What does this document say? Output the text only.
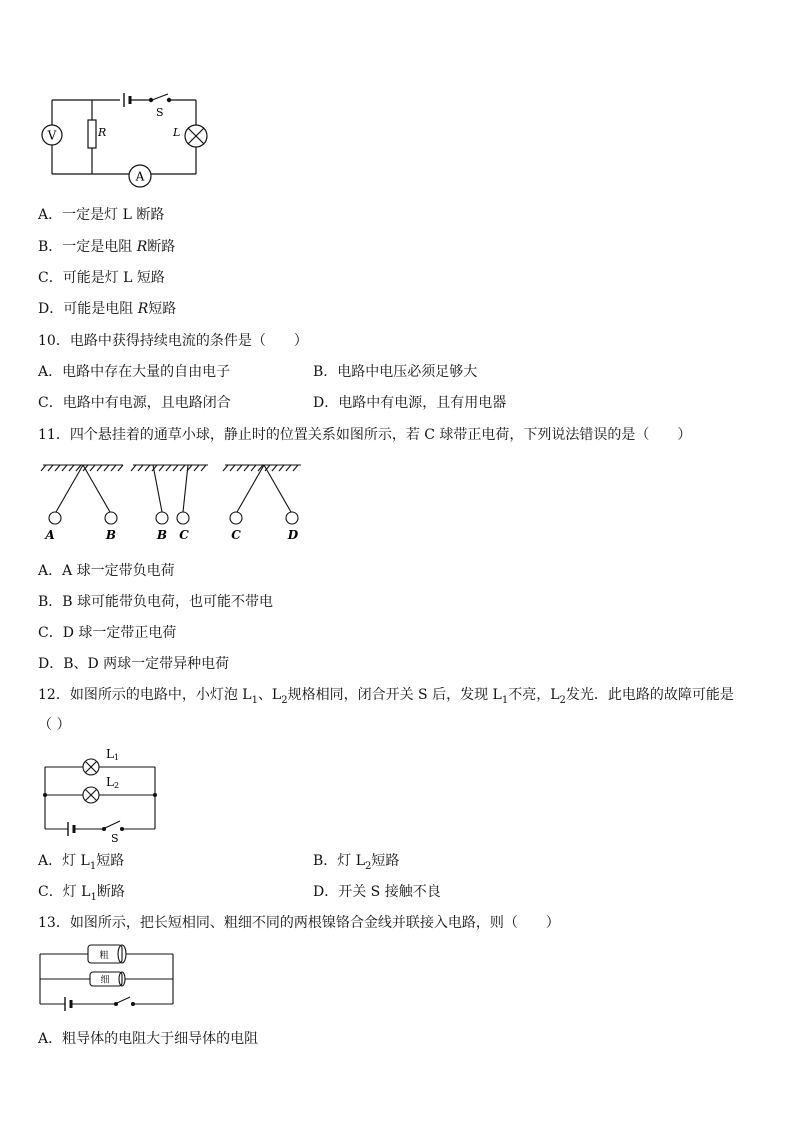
V	R
S
L
A
A．一定是灯 L 断路
B．一定是电阻 R断路
C．可能是灯 L 短路
D．可能是电阻 R短路
10．电路中获得持续电流的条件是（　　）
A．电路中存在大量的自由电子	B．电路中电压必须足够大
C．电路中有电源，且电路闭合	D．电路中有电源，且有用电器
11．四个悬挂着的通草小球，静止时的位置关系如图所示，若 C 球带正电荷，下列说法错误的是（　　）
A	B	B C	C	D
A．A 球一定带负电荷
B．B 球可能带负电荷，也可能不带电
C．D 球一定带正电荷
D．B、D 两球一定带异种电荷
12．如图所示的电路中，小灯泡 $L_1$、$L_2$规格相同，闭合开关 S 后，发现 $L_1$不亮，$L_2$发光．此电路的故障可能是
（ ）
L1
L2
S
A．灯 $L_1$短路	B．灯 $L_2$短路
C．灯 $L_1$断路	D．开关 S 接触不良
13．如图所示，把长短相同、粗细不同的两根镍铬合金线并联接入电路，则（　　）
粗
细
A．粗导体的电阻大于细导体的电阻
